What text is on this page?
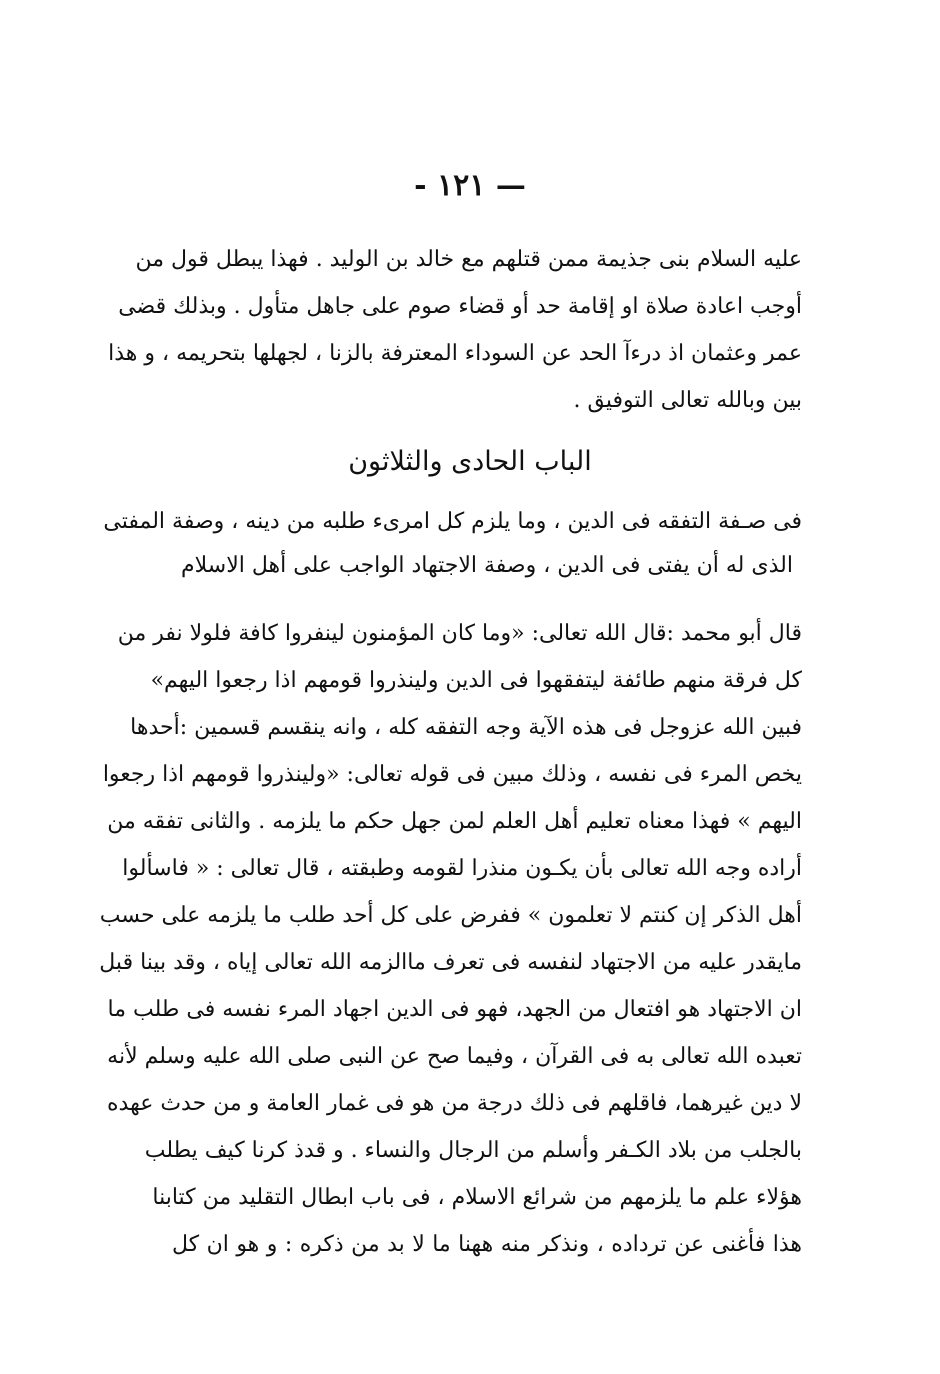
— ١٢١ -
عليه السلام بنى جذيمة ممن قتلهم مع خالد بن الوليد . فهذا يبطل قول من
أوجب اعادة صلاة او إقامة حد أو قضاء صوم على جاهل متأول . وبذلك قضى
عمر وعثمان اذ درءآ الحد عن السوداء المعترفة بالزنا ، لجهلها بتحريمه ، و هذا
بين وبالله تعالى التوفيق .
الباب الحادى والثلاثون
فى صـفة التفقه فى الدين ، وما يلزم كل امرىء طلبه من دينه ، وصفة المفتى
الذى له أن يفتى فى الدين ، وصفة الاجتهاد الواجب على أهل الاسلام
قال أبو محمد :قال الله تعالى: «وما كان المؤمنون لينفروا كافة فلولا نفر من
كل فرقة منهم طائفة ليتفقهوا فى الدين ولينذروا قومهم اذا رجعوا اليهم»
فبين الله عزوجل فى هذه الآية وجه التفقه كله ، وانه ينقسم قسمين :أحدها
يخص المرء فى نفسه ، وذلك مبين فى قوله تعالى: «ولينذروا قومهم اذا رجعوا
اليهم » فهذا معناه تعليم أهل العلم لمن جهل حكم ما يلزمه . والثانى تفقه من
أراده وجه الله تعالى بأن يكـون منذرا لقومه وطبقته ، قال تعالى : « فاسألوا
أهل الذكر إن كنتم لا تعلمون » ففرض على كل أحد طلب ما يلزمه على حسب
مايقدر عليه من الاجتهاد لنفسه فى تعرف ماالزمه الله تعالى إياه ، وقد بينا قبل
ان الاجتهاد هو افتعال من الجهد، فهو فى الدين اجهاد المرء نفسه فى طلب ما
تعبده الله تعالى به فى القرآن ، وفيما صح عن النبى صلى الله عليه وسلم لأنه
لا دين غيرهما، فاقلهم فى ذلك درجة من هو فى غمار العامة و من حدث عهده
بالجلب من بلاد الكـفر وأسلم من الرجال والنساء . و قدذ كرنا كيف يطلب
هؤلاء علم ما يلزمهم من شرائع الاسلام ، فى باب ابطال التقليد من كتابنا
هذا فأغنى عن ترداده ، ونذكر منه ههنا ما لا بد من ذكره : و هو ان كل
